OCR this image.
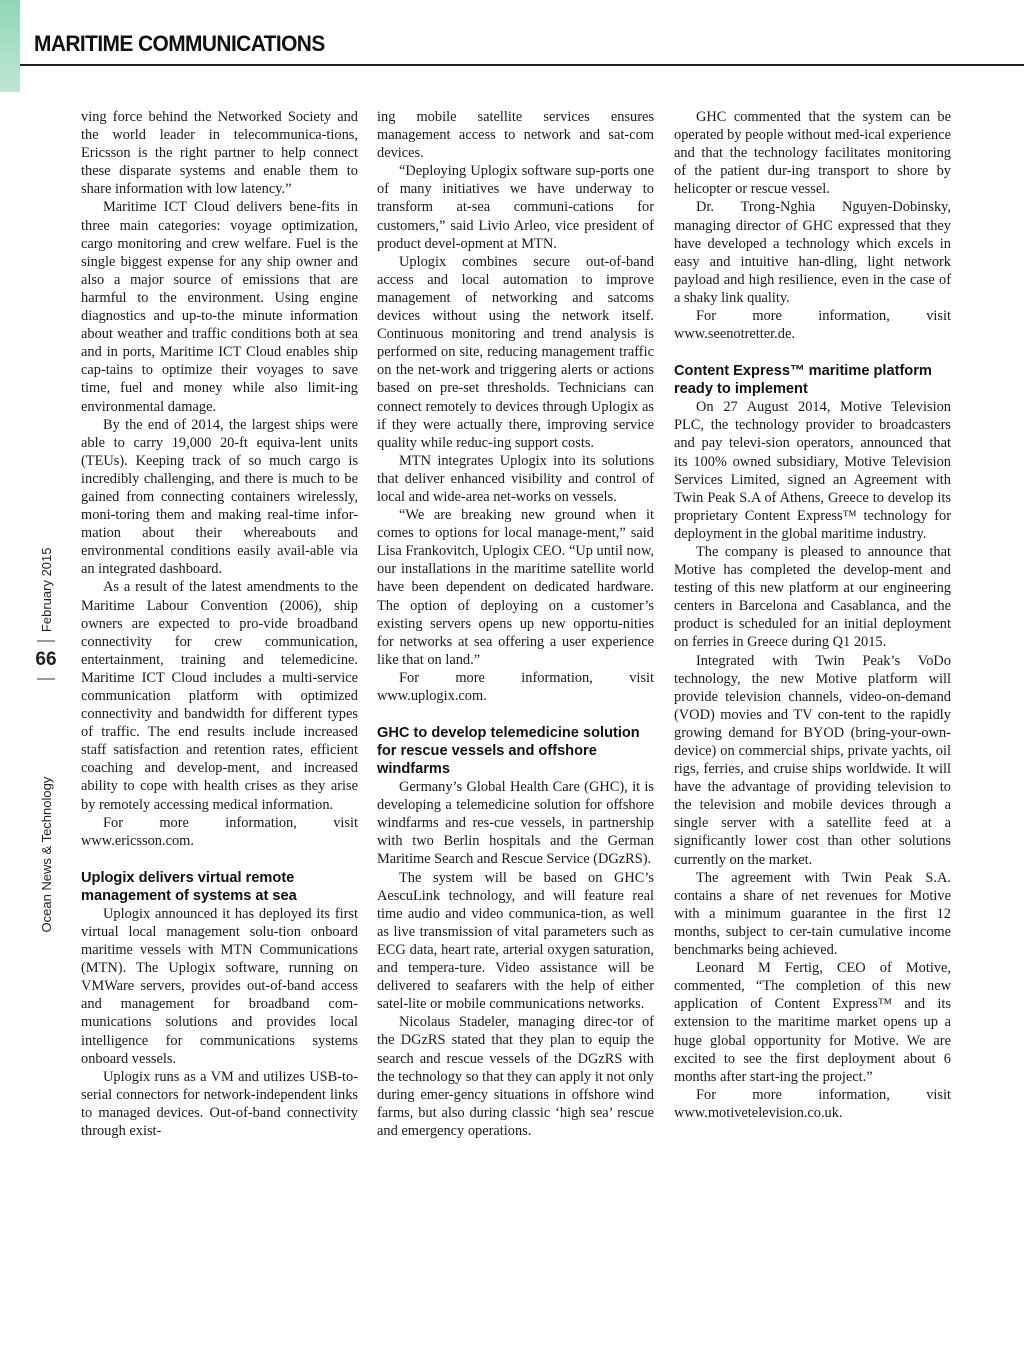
MARITIME COMMUNICATIONS
Ocean News & Technology
66
February 2015

ving force behind the Networked Society and the world leader in telecommunica-tions, Ericsson is the right partner to help connect these disparate systems and enable them to share information with low latency.”

Maritime ICT Cloud delivers bene-fits in three main categories: voyage optimization, cargo monitoring and crew welfare. Fuel is the single biggest expense for any ship owner and also a major source of emissions that are harmful to the environment. Using engine diagnostics and up-to-the minute information about weather and traffic conditions both at sea and in ports, Maritime ICT Cloud enables ship cap-tains to optimize their voyages to save time, fuel and money while also limit-ing environmental damage.

By the end of 2014, the largest ships were able to carry 19,000 20-ft equiva-lent units (TEUs). Keeping track of so much cargo is incredibly challenging, and there is much to be gained from connecting containers wirelessly, moni-toring them and making real-time infor-mation about their whereabouts and environmental conditions easily avail-able via an integrated dashboard.

As a result of the latest amendments to the Maritime Labour Convention (2006), ship owners are expected to pro-vide broadband connectivity for crew communication, entertainment, training and telemedicine. Maritime ICT Cloud includes a multi-service communication platform with optimized connectivity and bandwidth for different types of traffic. The end results include increased staff satisfaction and retention rates, efficient coaching and develop-ment, and increased ability to cope with health crises as they arise by remotely accessing medical information.

For more information, visit www.ericsson.com.

Uplogix delivers virtual remote management of systems at sea

Uplogix announced it has deployed its first virtual local management solu-tion onboard maritime vessels with MTN Communications (MTN). The Uplogix software, running on VMWare servers, provides out-of-band access and management for broadband com-munications solutions and provides local intelligence for communications systems onboard vessels.

Uplogix runs as a VM and utilizes USB-to-serial connectors for network-independent links to managed devices. Out-of-band connectivity through exist-

ing mobile satellite services ensures management access to network and sat-com devices.

“Deploying Uplogix software sup-ports one of many initiatives we have underway to transform at-sea communi-cations for customers,” said Livio Arleo, vice president of product devel-opment at MTN.

Uplogix combines secure out-of-band access and local automation to improve management of networking and satcoms devices without using the network itself. Continuous monitoring and trend analysis is performed on site, reducing management traffic on the net-work and triggering alerts or actions based on pre-set thresholds. Technicians can connect remotely to devices through Uplogix as if they were actually there, improving service quality while reduc-ing support costs.

MTN integrates Uplogix into its solutions that deliver enhanced visibility and control of local and wide-area net-works on vessels.

“We are breaking new ground when it comes to options for local manage-ment,” said Lisa Frankovitch, Uplogix CEO. “Up until now, our installations in the maritime satellite world have been dependent on dedicated hardware. The option of deploying on a customer’s existing servers opens up new opportu-nities for networks at sea offering a user experience like that on land.”

For more information, visit www.uplogix.com.

GHC to develop telemedicine solution for rescue vessels and offshore windfarms

Germany’s Global Health Care (GHC), it is developing a telemedicine solution for offshore windfarms and res-cue vessels, in partnership with two Berlin hospitals and the German Maritime Search and Rescue Service (DGzRS).

The system will be based on GHC’s AescuLink technology, and will feature real time audio and video communica-tion, as well as live transmission of vital parameters such as ECG data, heart rate, arterial oxygen saturation, and tempera-ture. Video assistance will be delivered to seafarers with the help of either satel-lite or mobile communications networks.

Nicolaus Stadeler, managing direc-tor of the DGzRS stated that they plan to equip the search and rescue vessels of the DGzRS with the technology so that they can apply it not only during emer-gency situations in offshore wind farms, but also during classic ‘high sea’ rescue and emergency operations.

GHC commented that the system can be operated by people without med-ical experience and that the technology facilitates monitoring of the patient dur-ing transport to shore by helicopter or rescue vessel.

Dr. Trong-Nghia Nguyen-Dobinsky, managing director of GHC expressed that they have developed a technology which excels in easy and intuitive han-dling, light network payload and high resilience, even in the case of a shaky link quality.

For more information, visit www.seenotretter.de.

Content Express™ maritime platform ready to implement

On 27 August 2014, Motive Television PLC, the technology provider to broadcasters and pay televi-sion operators, announced that its 100% owned subsidiary, Motive Television Services Limited, signed an Agreement with Twin Peak S.A of Athens, Greece to develop its proprietary Content Express™ technology for deployment in the global maritime industry.

The company is pleased to announce that Motive has completed the develop-ment and testing of this new platform at our engineering centers in Barcelona and Casablanca, and the product is scheduled for an initial deployment on ferries in Greece during Q1 2015.

Integrated with Twin Peak’s VoDo technology, the new Motive platform will provide television channels, video-on-demand (VOD) movies and TV con-tent to the rapidly growing demand for BYOD (bring-your-own-device) on commercial ships, private yachts, oil rigs, ferries, and cruise ships worldwide. It will have the advantage of providing television to the television and mobile devices through a single server with a satellite feed at a significantly lower cost than other solutions currently on the market.

The agreement with Twin Peak S.A. contains a share of net revenues for Motive with a minimum guarantee in the first 12 months, subject to cer-tain cumulative income benchmarks being achieved.

Leonard M Fertig, CEO of Motive, commented, “The completion of this new application of Content Express™ and its extension to the maritime market opens up a huge global opportunity for Motive. We are excited to see the first deployment about 6 months after start-ing the project.”

For more information, visit www.motivetelevision.co.uk.
